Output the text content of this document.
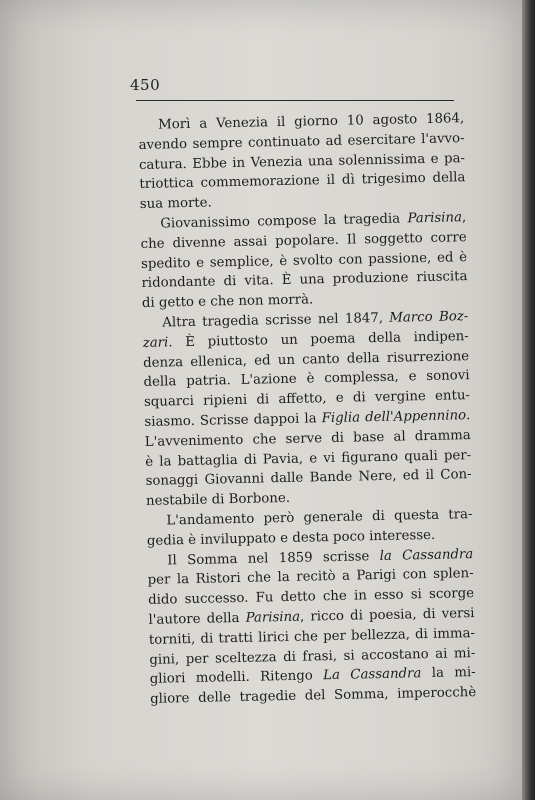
450
Morì a Venezia il giorno 10 agosto 1864,
avendo sempre continuato ad esercitare l'avvo-
catura. Ebbe in Venezia una solennissima e pa-
triottica commemorazione il dì trigesimo della
sua morte.
Giovanissimo compose la tragedia Parisina,
che divenne assai popolare. Il soggetto corre
spedito e semplice, è svolto con passione, ed è
ridondante di vita. È una produzione riuscita
di getto e che non morrà.
Altra tragedia scrisse nel 1847, Marco Boz-
zari. È piuttosto un poema della indipen-
denza ellenica, ed un canto della risurrezione
della patria. L'azione è complessa, e sonovi
squarci ripieni di affetto, e di vergine entu-
siasmo. Scrisse dappoi la Figlia dell'Appennino.
L'avvenimento che serve di base al dramma
è la battaglia di Pavia, e vi figurano quali per-
sonaggi Giovanni dalle Bande Nere, ed il Con-
nestabile di Borbone.
L'andamento però generale di questa tra-
gedia è inviluppato e desta poco interesse.
Il Somma nel 1859 scrisse la Cassandra
per la Ristori che la recitò a Parigi con splen-
dido successo. Fu detto che in esso si scorge
l'autore della Parisina, ricco di poesia, di versi
torniti, di tratti lirici che per bellezza, di imma-
gini, per sceltezza di frasi, si accostano ai mi-
gliori modelli. Ritengo La Cassandra la mi-
gliore delle tragedie del Somma, imperocchè
